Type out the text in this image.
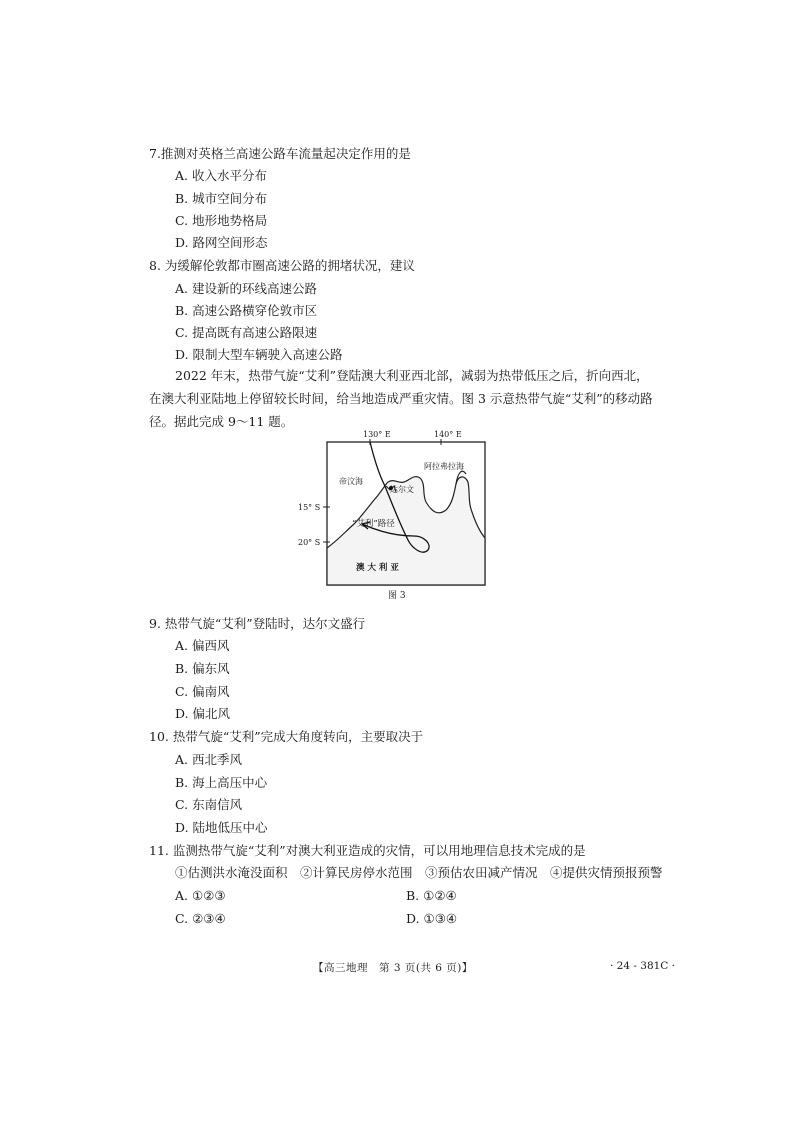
7.推测对英格兰高速公路车流量起决定作用的是
A. 收入水平分布
B. 城市空间分布
C. 地形地势格局
D. 路网空间形态
8. 为缓解伦敦都市圈高速公路的拥堵状况，建议
A. 建设新的环线高速公路
B. 高速公路横穿伦敦市区
C. 提高既有高速公路限速
D. 限制大型车辆驶入高速公路
2022 年末，热带气旋“艾利”登陆澳大利亚西北部，减弱为热带低压之后，折向西北，在澳大利亚陆地上停留较长时间，给当地造成严重灾情。图 3 示意热带气旋“艾利”的移动路径。据此完成 9～11 题。
130° E	140° E
15° S
20° S
帝汶海
阿拉弗拉海
达尔文
“艾利”路径
澳 大 利 亚
图 3
9. 热带气旋“艾利”登陆时，达尔文盛行
A. 偏西风
B. 偏东风
C. 偏南风
D. 偏北风
10. 热带气旋“艾利”完成大角度转向，主要取决于
A. 西北季风
B. 海上高压中心
C. 东南信风
D. 陆地低压中心
11. 监测热带气旋“艾利”对澳大利亚造成的灾情，可以用地理信息技术完成的是
①估测洪水淹没面积　②计算民房停水范围　③预估农田减产情况　④提供灾情预报预警
A. ①②③	B. ①②④
C. ②③④	D. ①③④
【高三地理　第 3 页(共 6 页)】	· 24 - 381C ·
